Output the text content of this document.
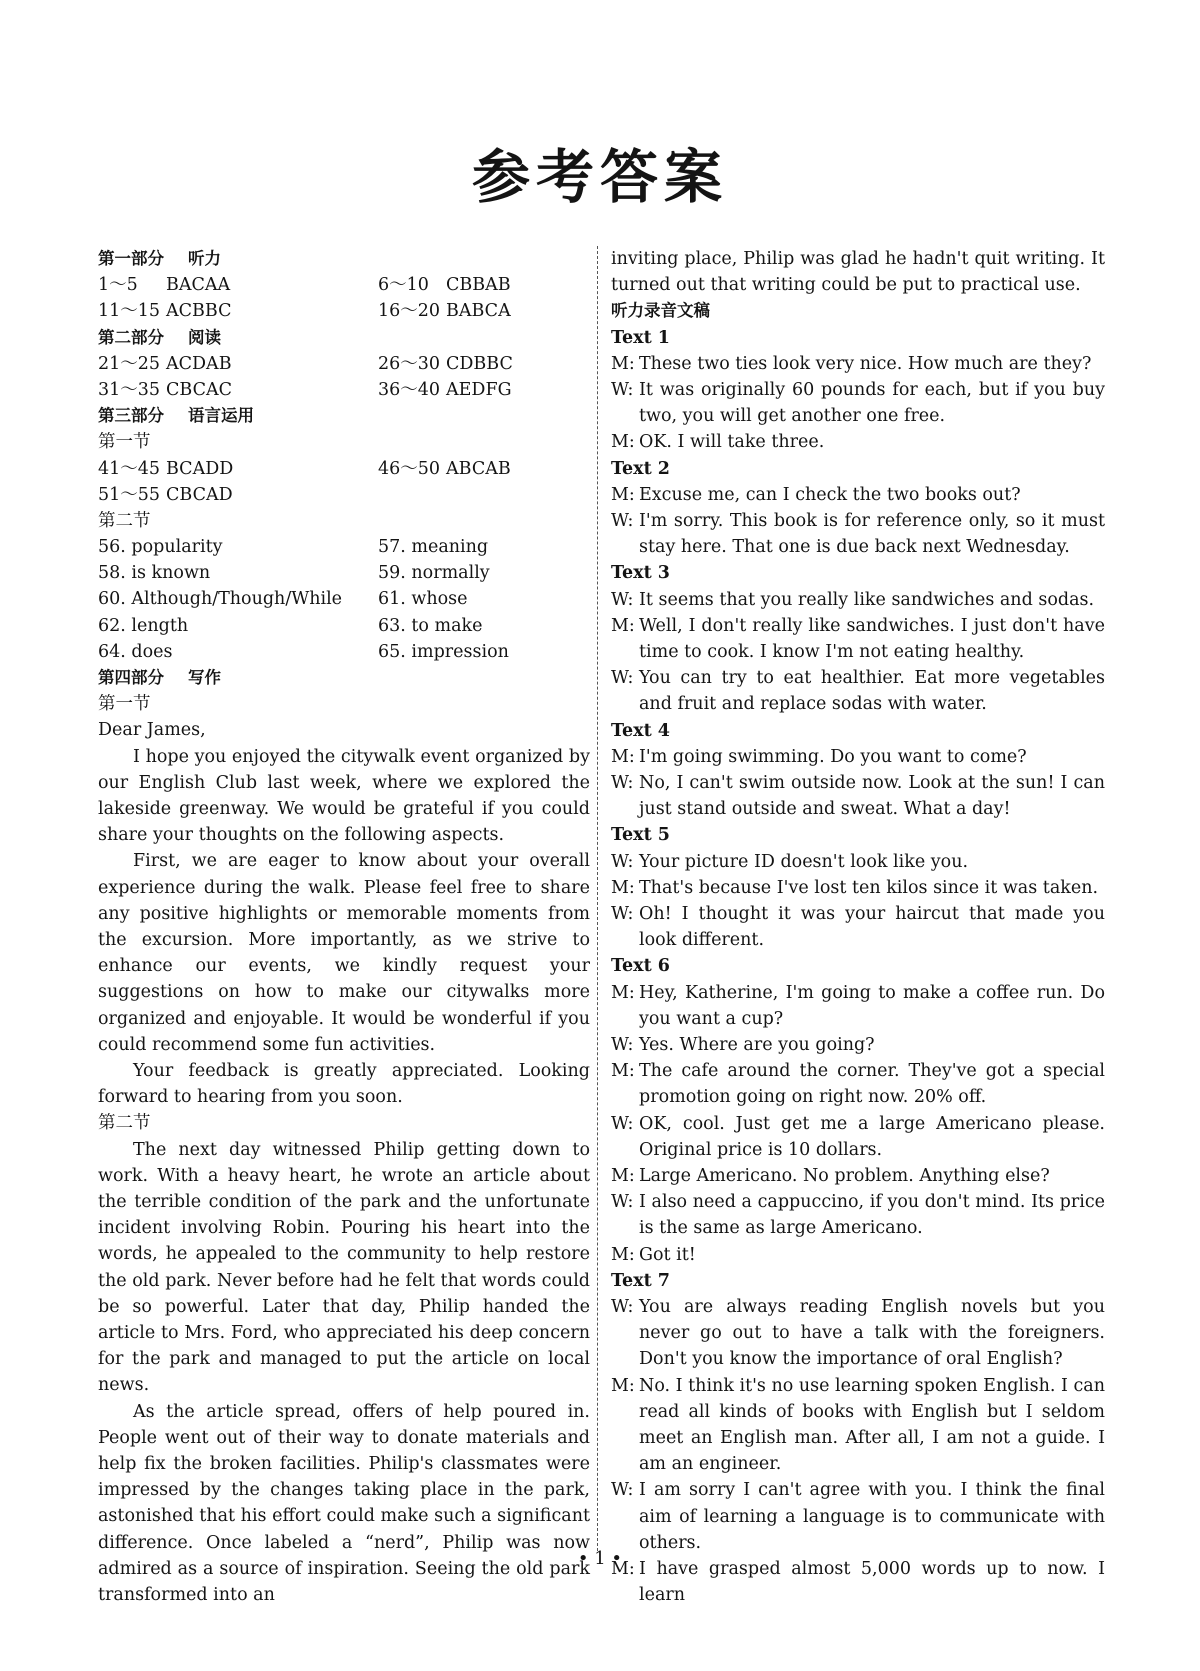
参考答案
第一部分 听力
1～5 BACAA	6～10 CBBAB
11～15 ACBBC	16～20 BABCA
第二部分 阅读
21～25 ACDAB	26～30 CDBBC
31～35 CBCAC	36～40 AEDFG
第三部分 语言运用
第一节
41～45 BCADD	46～50 ABCAB
51～55 CBCAD
第二节
56. popularity	57. meaning
58. is known	59. normally
60. Although/Though/While	61. whose
62. length	63. to make
64. does	65. impression
第四部分 写作
第一节
Dear James,

I hope you enjoyed the citywalk event organized by our English Club last week, where we explored the lakeside greenway. We would be grateful if you could share your thoughts on the following aspects.

First, we are eager to know about your overall experience during the walk. Please feel free to share any positive highlights or memorable moments from the excursion. More importantly, as we strive to enhance our events, we kindly request your suggestions on how to make our citywalks more organized and enjoyable. It would be wonderful if you could recommend some fun activities.

Your feedback is greatly appreciated. Looking forward to hearing from you soon.

第二节

The next day witnessed Philip getting down to work. With a heavy heart, he wrote an article about the terrible condition of the park and the unfortunate incident involving Robin. Pouring his heart into the words, he appealed to the community to help restore the old park. Never before had he felt that words could be so powerful. Later that day, Philip handed the article to Mrs. Ford, who appreciated his deep concern for the park and managed to put the article on local news.

As the article spread, offers of help poured in. People went out of their way to donate materials and help fix the broken facilities. Philip's classmates were impressed by the changes taking place in the park, astonished that his effort could make such a significant difference. Once labeled a “nerd”, Philip was now admired as a source of inspiration. Seeing the old park transformed into an

inviting place, Philip was glad he hadn't quit writing. It turned out that writing could be put to practical use.

听力录音文稿
Text 1
M: These two ties look very nice. How much are they?
W: It was originally 60 pounds for each, but if you buy two, you will get another one free.
M: OK. I will take three.
Text 2
M: Excuse me, can I check the two books out?
W: I'm sorry. This book is for reference only, so it must stay here. That one is due back next Wednesday.
Text 3
W: It seems that you really like sandwiches and sodas.
M: Well, I don't really like sandwiches. I just don't have time to cook. I know I'm not eating healthy.
W: You can try to eat healthier. Eat more vegetables and fruit and replace sodas with water.
Text 4
M: I'm going swimming. Do you want to come?
W: No, I can't swim outside now. Look at the sun! I can just stand outside and sweat. What a day!
Text 5
W: Your picture ID doesn't look like you.
M: That's because I've lost ten kilos since it was taken.
W: Oh! I thought it was your haircut that made you look different.
Text 6
M: Hey, Katherine, I'm going to make a coffee run. Do you want a cup?
W: Yes. Where are you going?
M: The cafe around the corner. They've got a special promotion going on right now. 20% off.
W: OK, cool. Just get me a large Americano please. Original price is 10 dollars.
M: Large Americano. No problem. Anything else?
W: I also need a cappuccino, if you don't mind. Its price is the same as large Americano.
M: Got it!
Text 7
W: You are always reading English novels but you never go out to have a talk with the foreigners. Don't you know the importance of oral English?
M: No. I think it's no use learning spoken English. I can read all kinds of books with English but I seldom meet an English man. After all, I am not a guide. I am an engineer.
W: I am sorry I can't agree with you. I think the final aim of learning a language is to communicate with others.
M: I have grasped almost 5,000 words up to now. I learn
• 1 •
